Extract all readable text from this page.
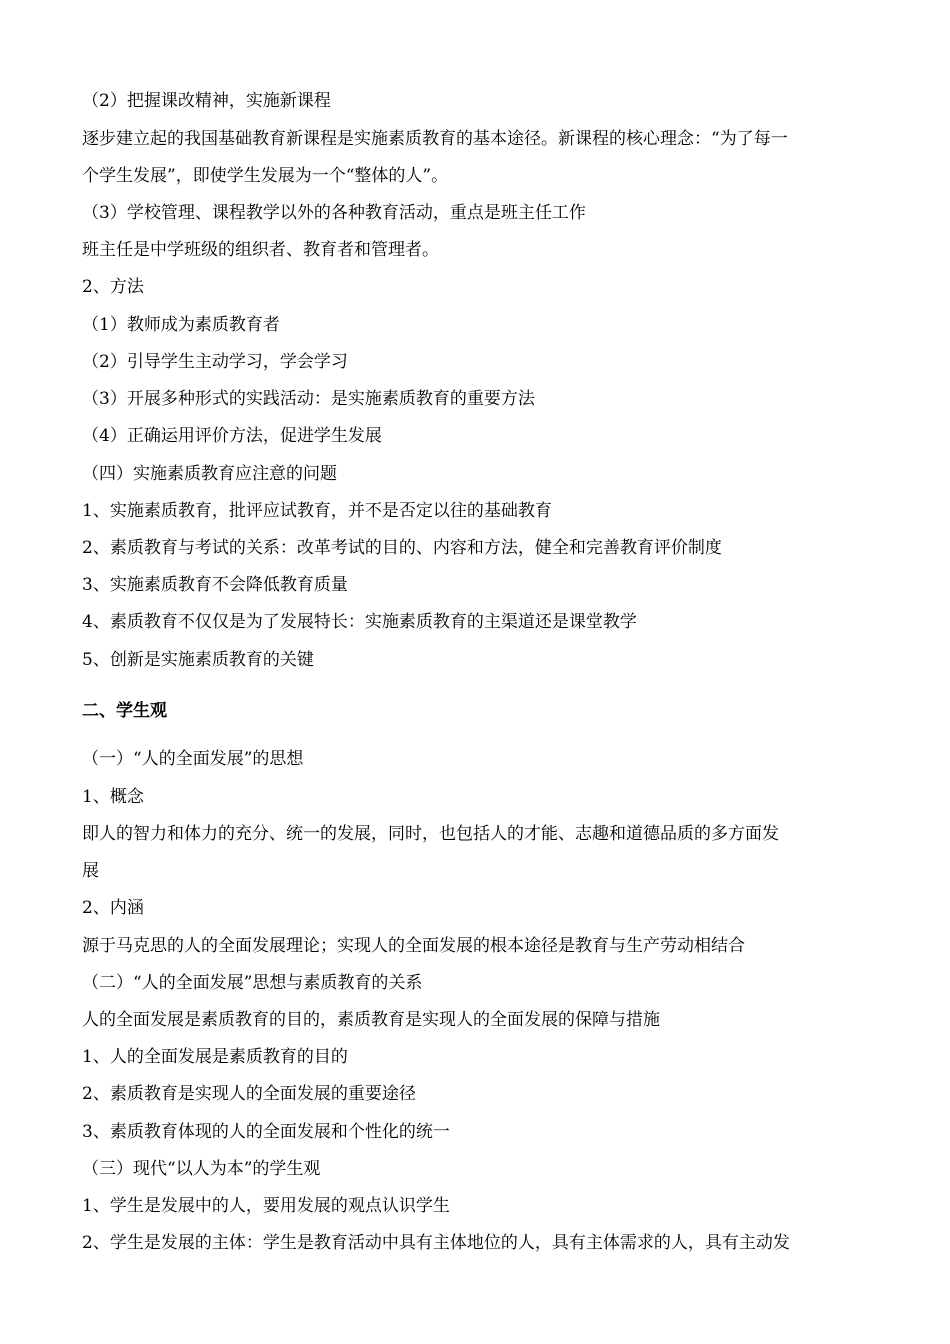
（2）把握课改精神，实施新课程
逐步建立起的我国基础教育新课程是实施素质教育的基本途径。新课程的核心理念：“为了每一
个学生发展”，即使学生发展为一个“整体的人”。
（3）学校管理、课程教学以外的各种教育活动，重点是班主任工作
班主任是中学班级的组织者、教育者和管理者。
2、方法
（1）教师成为素质教育者
（2）引导学生主动学习，学会学习
（3）开展多种形式的实践活动：是实施素质教育的重要方法
（4）正确运用评价方法，促进学生发展
（四）实施素质教育应注意的问题
1、实施素质教育，批评应试教育，并不是否定以往的基础教育
2、素质教育与考试的关系：改革考试的目的、内容和方法，健全和完善教育评价制度
3、实施素质教育不会降低教育质量
4、素质教育不仅仅是为了发展特长：实施素质教育的主渠道还是课堂教学
5、创新是实施素质教育的关键
二、学生观
（一）“人的全面发展”的思想
1、概念
即人的智力和体力的充分、统一的发展，同时，也包括人的才能、志趣和道德品质的多方面发
展
2、内涵
源于马克思的人的全面发展理论；实现人的全面发展的根本途径是教育与生产劳动相结合
（二）“人的全面发展”思想与素质教育的关系
人的全面发展是素质教育的目的，素质教育是实现人的全面发展的保障与措施
1、人的全面发展是素质教育的目的
2、素质教育是实现人的全面发展的重要途径
3、素质教育体现的人的全面发展和个性化的统一
（三）现代“以人为本”的学生观
1、学生是发展中的人，要用发展的观点认识学生
2、学生是发展的主体：学生是教育活动中具有主体地位的人，具有主体需求的人，具有主动发
